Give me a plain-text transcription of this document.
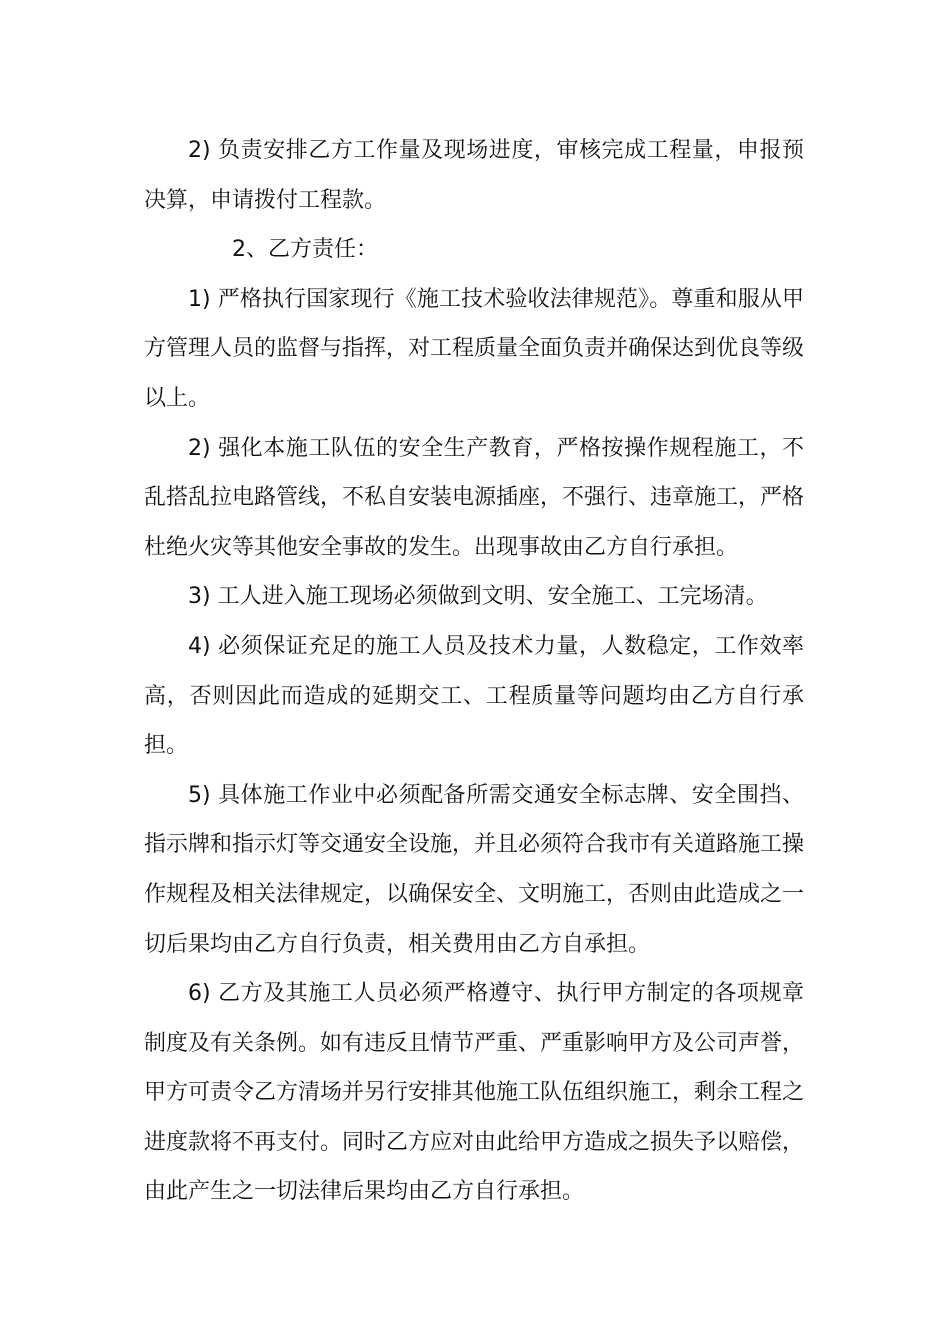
2) 负责安排乙方工作量及现场进度，审核完成工程量，申报预决算，申请拨付工程款。

2、乙方责任：

1) 严格执行国家现行《施工技术验收法律规范》。尊重和服从甲方管理人员的监督与指挥，对工程质量全面负责并确保达到优良等级以上。

2) 强化本施工队伍的安全生产教育，严格按操作规程施工，不乱搭乱拉电路管线，不私自安装电源插座，不强行、违章施工，严格杜绝火灾等其他安全事故的发生。出现事故由乙方自行承担。

3) 工人进入施工现场必须做到文明、安全施工、工完场清。

4) 必须保证充足的施工人员及技术力量，人数稳定，工作效率高，否则因此而造成的延期交工、工程质量等问题均由乙方自行承担。

5) 具体施工作业中必须配备所需交通安全标志牌、安全围挡、指示牌和指示灯等交通安全设施，并且必须符合我市有关道路施工操作规程及相关法律规定，以确保安全、文明施工，否则由此造成之一切后果均由乙方自行负责，相关费用由乙方自承担。

6) 乙方及其施工人员必须严格遵守、执行甲方制定的各项规章制度及有关条例。如有违反且情节严重、严重影响甲方及公司声誉，甲方可责令乙方清场并另行安排其他施工队伍组织施工，剩余工程之进度款将不再支付。同时乙方应对由此给甲方造成之损失予以赔偿，由此产生之一切法律后果均由乙方自行承担。
